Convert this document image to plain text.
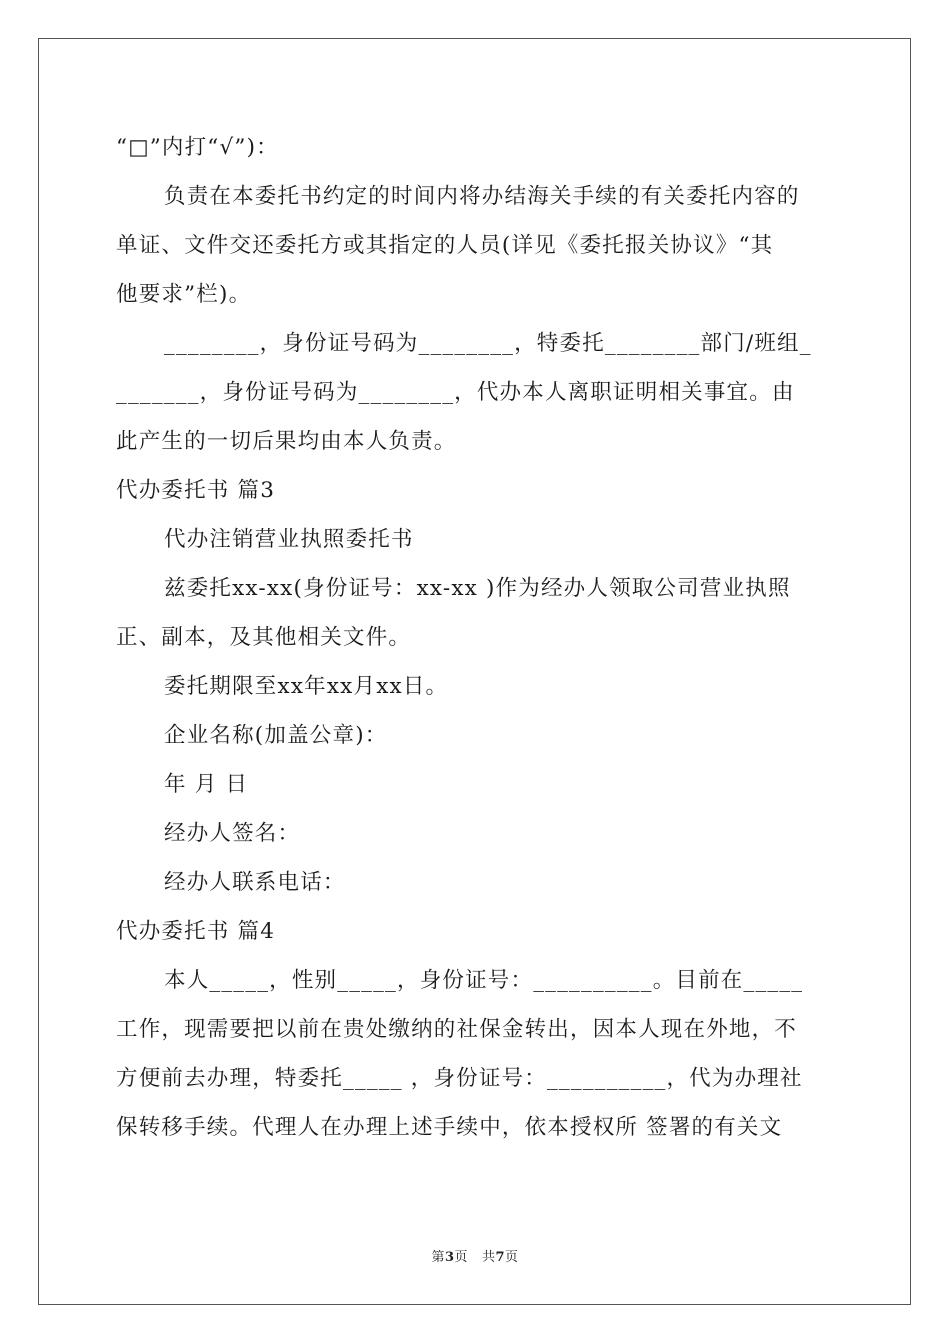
“□”内打“√”)：
负责在本委托书约定的时间内将办结海关手续的有关委托内容的
单证、文件交还委托方或其指定的人员(详见《委托报关协议》“其
他要求”栏)。
________，身份证号码为________，特委托________部门/班组_
_______，身份证号码为________，代办本人离职证明相关事宜。由
此产生的一切后果均由本人负责。
代办委托书 篇3
代办注销营业执照委托书
兹委托xx-xx(身份证号：xx-xx )作为经办人领取公司营业执照
正、副本，及其他相关文件。
委托期限至xx年xx月xx日。
企业名称(加盖公章)：
年 月 日
经办人签名：
经办人联系电话：
代办委托书 篇4
本人_____，性别_____，身份证号：__________。目前在_____
工作，现需要把以前在贵处缴纳的社保金转出，因本人现在外地，不
方便前去办理，特委托_____ ，身份证号：__________，代为办理社
保转移手续。代理人在办理上述手续中，依本授权所 签署的有关文
第3页 共7页
